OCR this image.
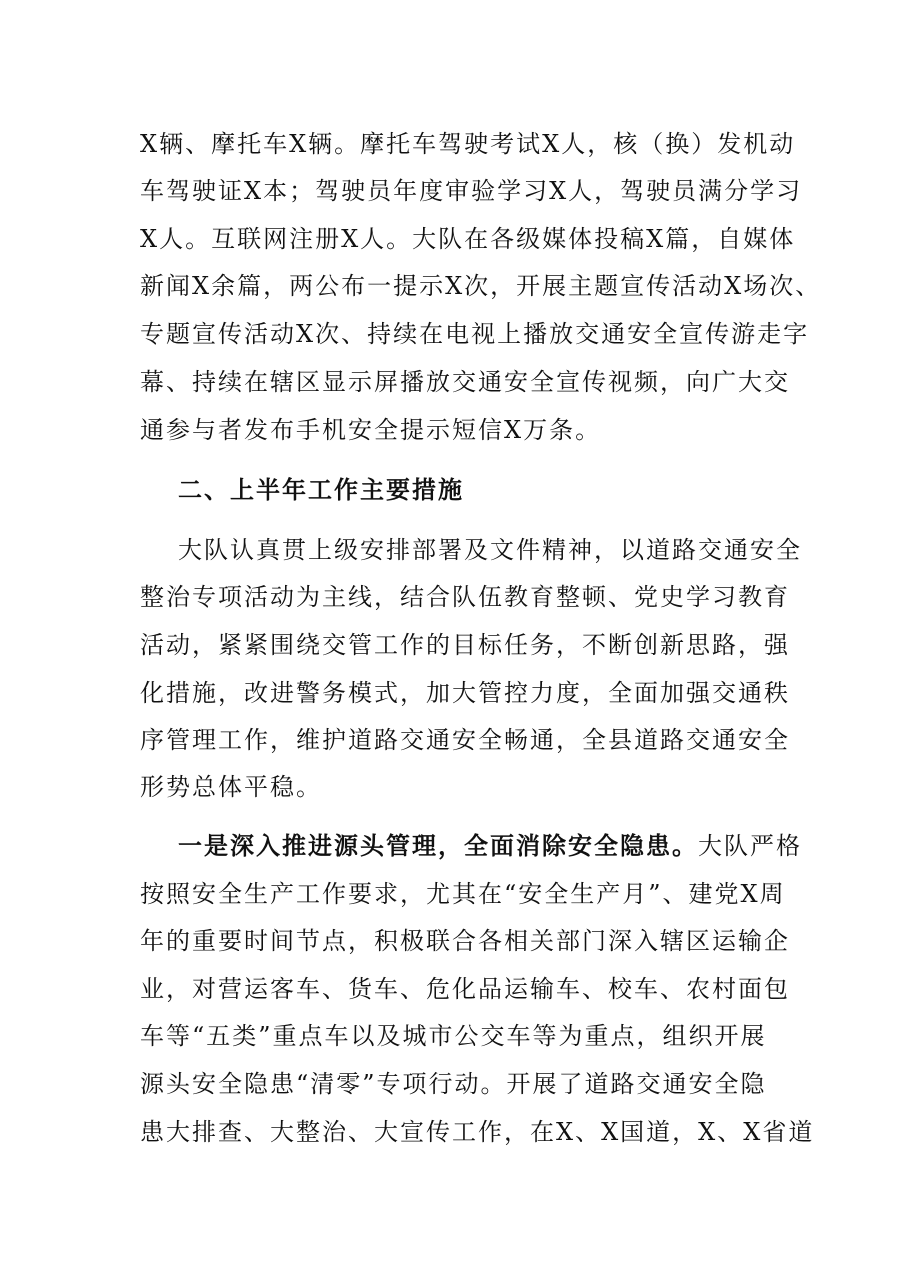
X辆、摩托车X辆。摩托车驾驶考试X人，核（换）发机动
车驾驶证X本；驾驶员年度审验学习X人，驾驶员满分学习
X人。互联网注册X人。大队在各级媒体投稿X篇，自媒体
新闻X余篇，两公布一提示X次，开展主题宣传活动X场次、
专题宣传活动X次、持续在电视上播放交通安全宣传游走字
幕、持续在辖区显示屏播放交通安全宣传视频，向广大交
通参与者发布手机安全提示短信X万条。
二、上半年工作主要措施
大队认真贯上级安排部署及文件精神，以道路交通安全
整治专项活动为主线，结合队伍教育整顿、党史学习教育
活动，紧紧围绕交管工作的目标任务，不断创新思路，强
化措施，改进警务模式，加大管控力度，全面加强交通秩
序管理工作，维护道路交通安全畅通，全县道路交通安全
形势总体平稳。
一是深入推进源头管理，全面消除安全隐患。大队严格
按照安全生产工作要求，尤其在“安全生产月”、建党X周
年的重要时间节点，积极联合各相关部门深入辖区运输企
业，对营运客车、货车、危化品运输车、校车、农村面包
车等“五类”重点车以及城市公交车等为重点，组织开展
源头安全隐患“清零”专项行动。开展了道路交通安全隐
患大排查、大整治、大宣传工作，在X、X国道，X、X省道
